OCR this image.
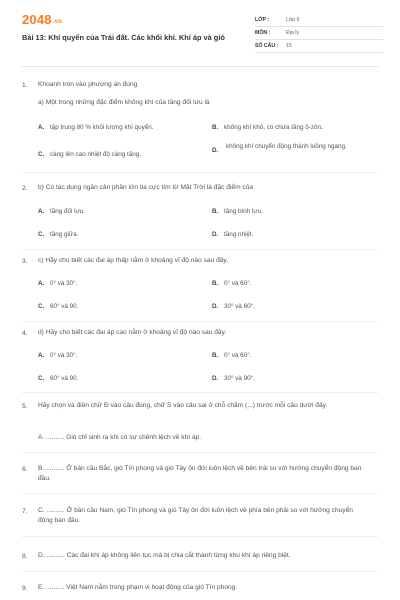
2048.vn
Bài 13: Khí quyển của Trái đất. Các khối khí. Khí áp và gió
LỚP :	Lớp 6
MÔN :	Địa lý
SỐ CÂU : 15
1. Khoanh tròn vào phương án đúng
a) Một trong những đặc điểm không khí của tầng đối lưu là
A. tập trung 80 % khối lượng khí quyển.	B. không khí khô, có chứa tầng ô-zôn.
C. càng lên cao nhiệt độ càng tăng.
D.
không khí chuyển động thành luồng ngang.
2. b) Có tác dụng ngăn cản phần lớn tia cực tím từ Mặt Trời là đặc điểm của
A. tầng đối lưu.	B. tầng bình lưu.
C. tầng giữa.	D. tầng nhiệt.
3. c) Hãy cho biết các đai áp thấp nằm ở khoảng vĩ độ nào sau đây.
A. 0° và 30°.	B. 0° và 60°.
C. 60° và 90.	D. 30° và 60°.
4. d) Hãy cho biết các đai áp cao nằm ở khoảng vĩ độ nào sau đây.
A. 0° và 30°.	B. 0° và 60°.
C. 60° và 90.	D. 30° và 90°.
5. Hãy chọn và điền chữ Đ vào câu đúng, chữ S vào câu sai ở chỗ chấm (...) trước mỗi câu dưới đây.
A. .......... Gió chỉ sinh ra khi có sự chênh lệch về khí áp.
6. B. .......... Ở bán cầu Bắc, gió Tín phong và gió Tây ôn đới luôn lệch về bên trái so với hướng chuyển động ban đầu.
7. C. .......... Ở bán cầu Nam, gió Tín phong và gió Tây ôn đới luôn lệch về phía bên phải so với hướng chuyển động ban đầu.
8. D. .......... Các đai khí áp không liên tục mà bị chia cắt thành từng khu khí áp riêng biệt.
9. E. .......... Việt Nam nằm trong phạm vi hoạt động của gió Tín phong.
